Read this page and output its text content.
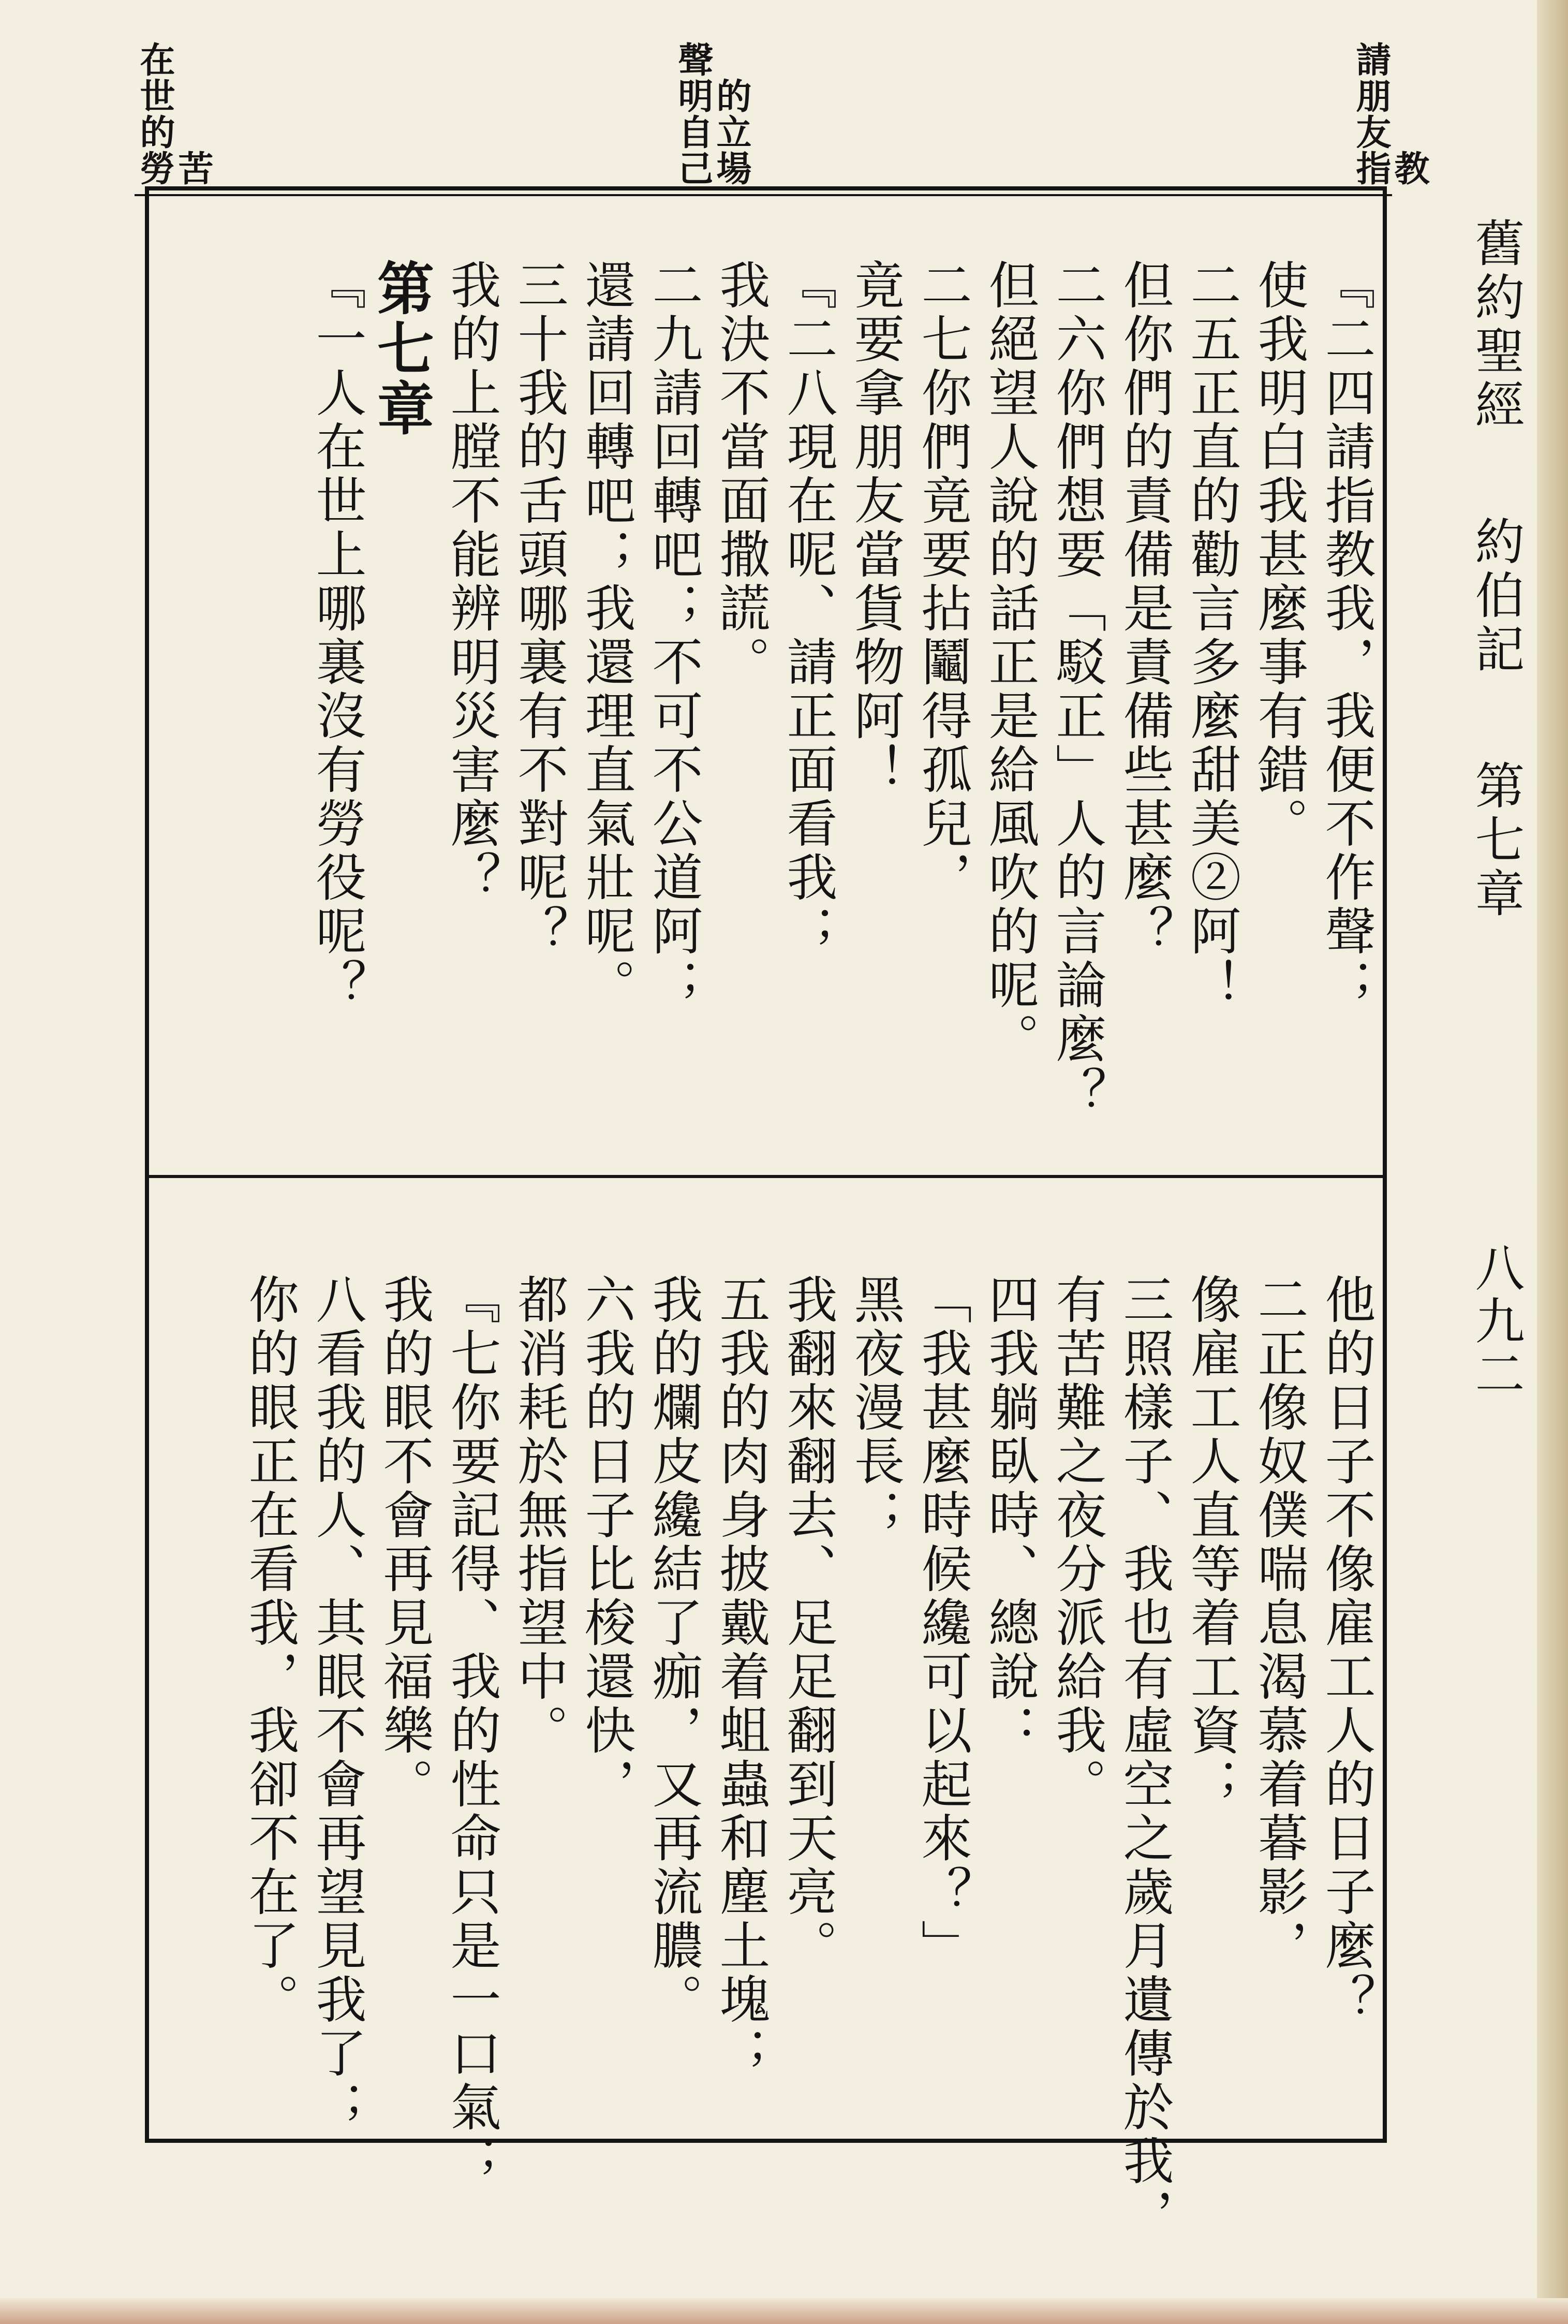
請朋友指教
聲明自己的立場
在世的勞苦
舊約聖經約伯記第七章
八九二
『二四請指教我，我便不作聲；
使我明白我甚麼事有錯。
二五正直的勸言多麼甜美②阿！
但你們的責備是責備些甚麼？
二六你們想要「駁正」人的言論麼？
但絕望人說的話正是給風吹的呢。
二七你們竟要拈鬮得孤兒，
竟要拿朋友當貨物阿！
『二八現在呢、請正面看我；
我決不當面撒謊。
二九請回轉吧；不可不公道阿；
還請回轉吧；我還理直氣壯呢。
三十我的舌頭哪裏有不對呢？
我的上膛不能辨明災害麼？
第七章
『一人在世上哪裏沒有勞役呢？
他的日子不像雇工人的日子麼？
二正像奴僕喘息渴慕着暮影，
像雇工人直等着工資；
三照樣子、我也有虛空之歲月遺傳於我，
有苦難之夜分派給我。
四我躺臥時、總說：
「我甚麼時候纔可以起來？」
黑夜漫長；
我翻來翻去、足足翻到天亮。
五我的肉身披戴着蛆蟲和塵土塊；
我的爛皮纔結了痂，又再流膿。
六我的日子比梭還快，
都消耗於無指望中。
『七你要記得、我的性命只是一口氣；
我的眼不會再見福樂。
八看我的人、其眼不會再望見我了；
你的眼正在看我，我卻不在了。
